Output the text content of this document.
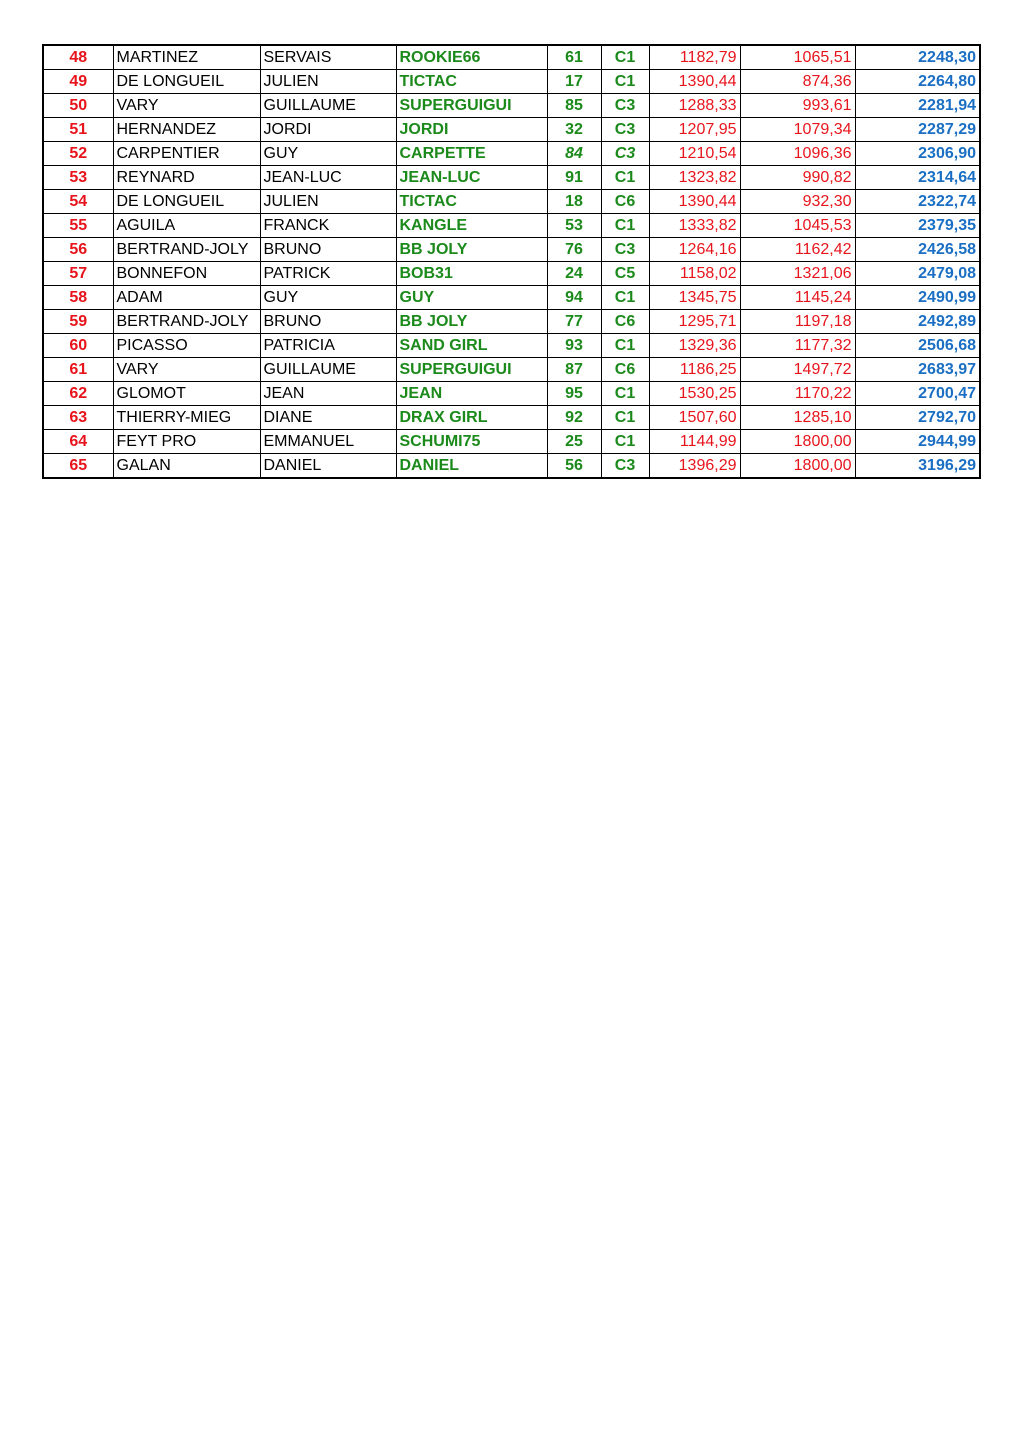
48	MARTINEZ	SERVAIS	ROOKIE66	61	C1	1182,79	1065,51	2248,30
49	DE LONGUEIL	JULIEN	TICTAC	17	C1	1390,44	874,36	2264,80
50	VARY	GUILLAUME	SUPERGUIGUI	85	C3	1288,33	993,61	2281,94
51	HERNANDEZ	JORDI	JORDI	32	C3	1207,95	1079,34	2287,29
52	CARPENTIER	GUY	CARPETTE	84	C3	1210,54	1096,36	2306,90
53	REYNARD	JEAN-LUC	JEAN-LUC	91	C1	1323,82	990,82	2314,64
54	DE LONGUEIL	JULIEN	TICTAC	18	C6	1390,44	932,30	2322,74
55	AGUILA	FRANCK	KANGLE	53	C1	1333,82	1045,53	2379,35
56	BERTRAND-JOLY	BRUNO	BB JOLY	76	C3	1264,16	1162,42	2426,58
57	BONNEFON	PATRICK	BOB31	24	C5	1158,02	1321,06	2479,08
58	ADAM	GUY	GUY	94	C1	1345,75	1145,24	2490,99
59	BERTRAND-JOLY	BRUNO	BB JOLY	77	C6	1295,71	1197,18	2492,89
60	PICASSO	PATRICIA	SAND GIRL	93	C1	1329,36	1177,32	2506,68
61	VARY	GUILLAUME	SUPERGUIGUI	87	C6	1186,25	1497,72	2683,97
62	GLOMOT	JEAN	JEAN	95	C1	1530,25	1170,22	2700,47
63	THIERRY-MIEG	DIANE	DRAX GIRL	92	C1	1507,60	1285,10	2792,70
64	FEYT PRO	EMMANUEL	SCHUMI75	25	C1	1144,99	1800,00	2944,99
65	GALAN	DANIEL	DANIEL	56	C3	1396,29	1800,00	3196,29
